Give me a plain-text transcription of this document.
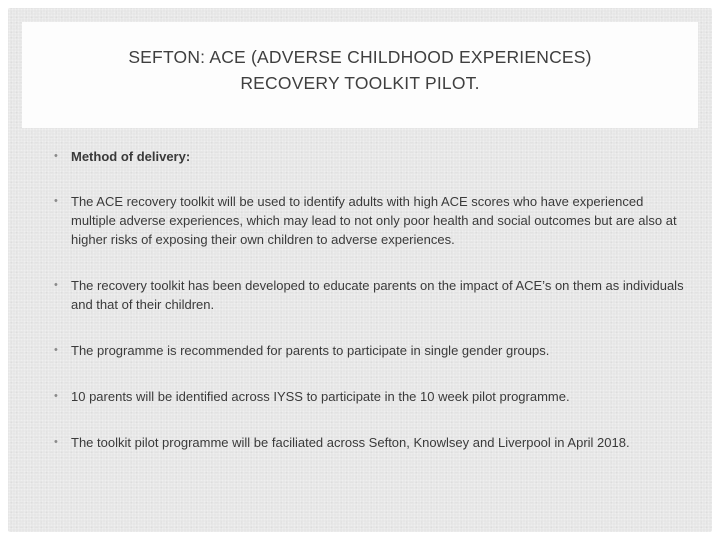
SEFTON: ACE (ADVERSE CHILDHOOD EXPERIENCES)
RECOVERY TOOLKIT PILOT.
• Method of delivery:
• The ACE recovery toolkit will be used to identify adults with high ACE scores who have experienced multiple adverse experiences, which may lead to not only poor health and social outcomes but are also at higher risks of exposing their own children to adverse experiences.
• The recovery toolkit has been developed to educate parents on the impact of ACE’s on them as individuals and that of their children.
• The programme is recommended for parents to participate in single gender groups.
• 10 parents will be identified across IYSS to participate in the 10 week pilot programme.
• The toolkit pilot programme will be faciliated across Sefton, Knowlsey and Liverpool in April 2018.
